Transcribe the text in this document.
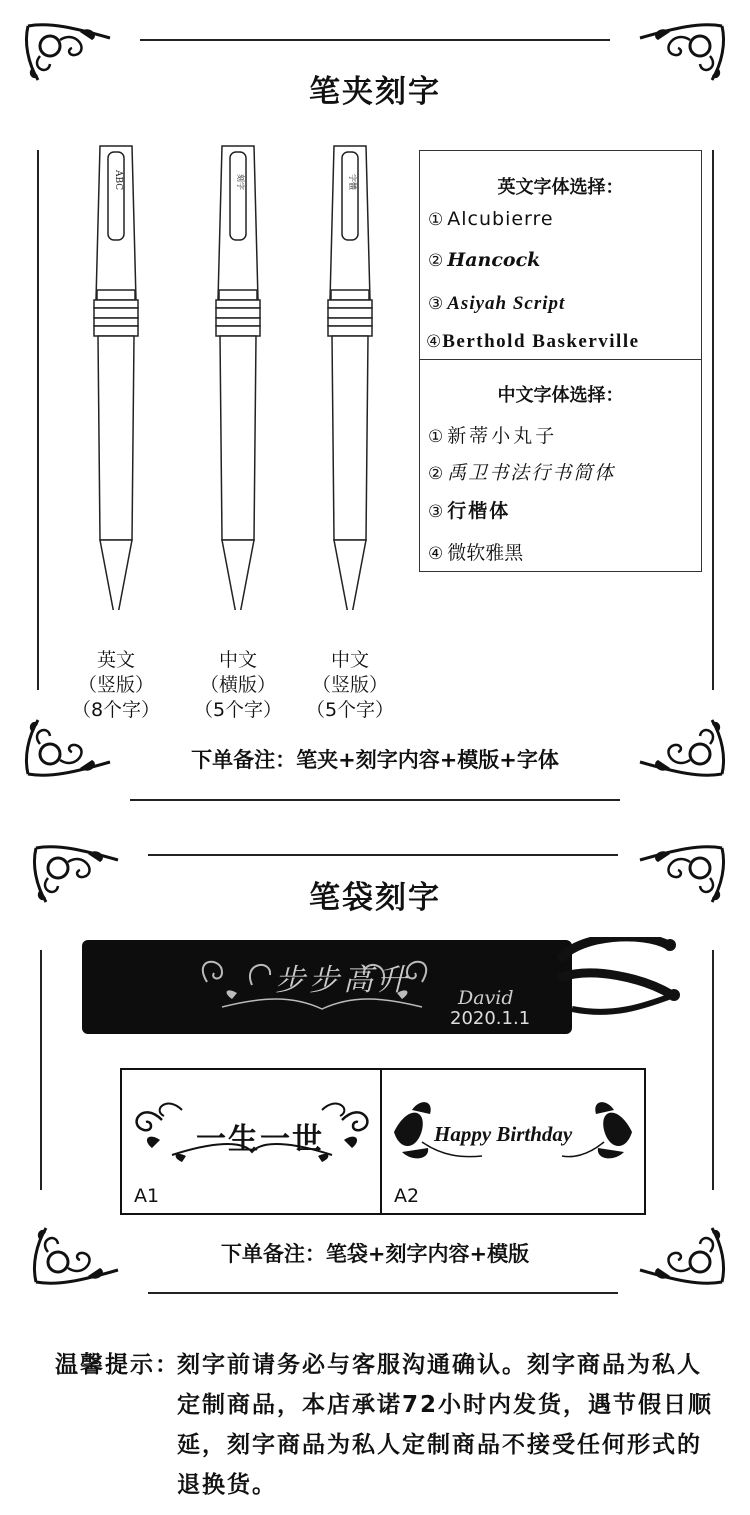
笔夹刻字
ABC	刻字	字體
英文
（竖版）
（8个字）
中文
（横版）
（5个字）
中文
（竖版）
（5个字）
英文字体选择：
① Alcubierre
② Hancock
③ Asiyah Script
④Berthold Baskerville
中文字体选择：
① 新蒂小丸子
② 禹卫书法行书简体
③ 行楷体
④ 微软雅黑
下单备注：笔夹+刻字内容+模版+字体
笔袋刻字
步步高升 David
2020.1.1
一生一世
A1
Happy Birthday
A2
下单备注：笔袋+刻字内容+模版
温馨提示：
刻字前请务必与客服沟通确认。刻字商品为私人定制商品，本店承诺72小时内发货，遇节假日顺延，刻字商品为私人定制商品不接受任何形式的退换货。
